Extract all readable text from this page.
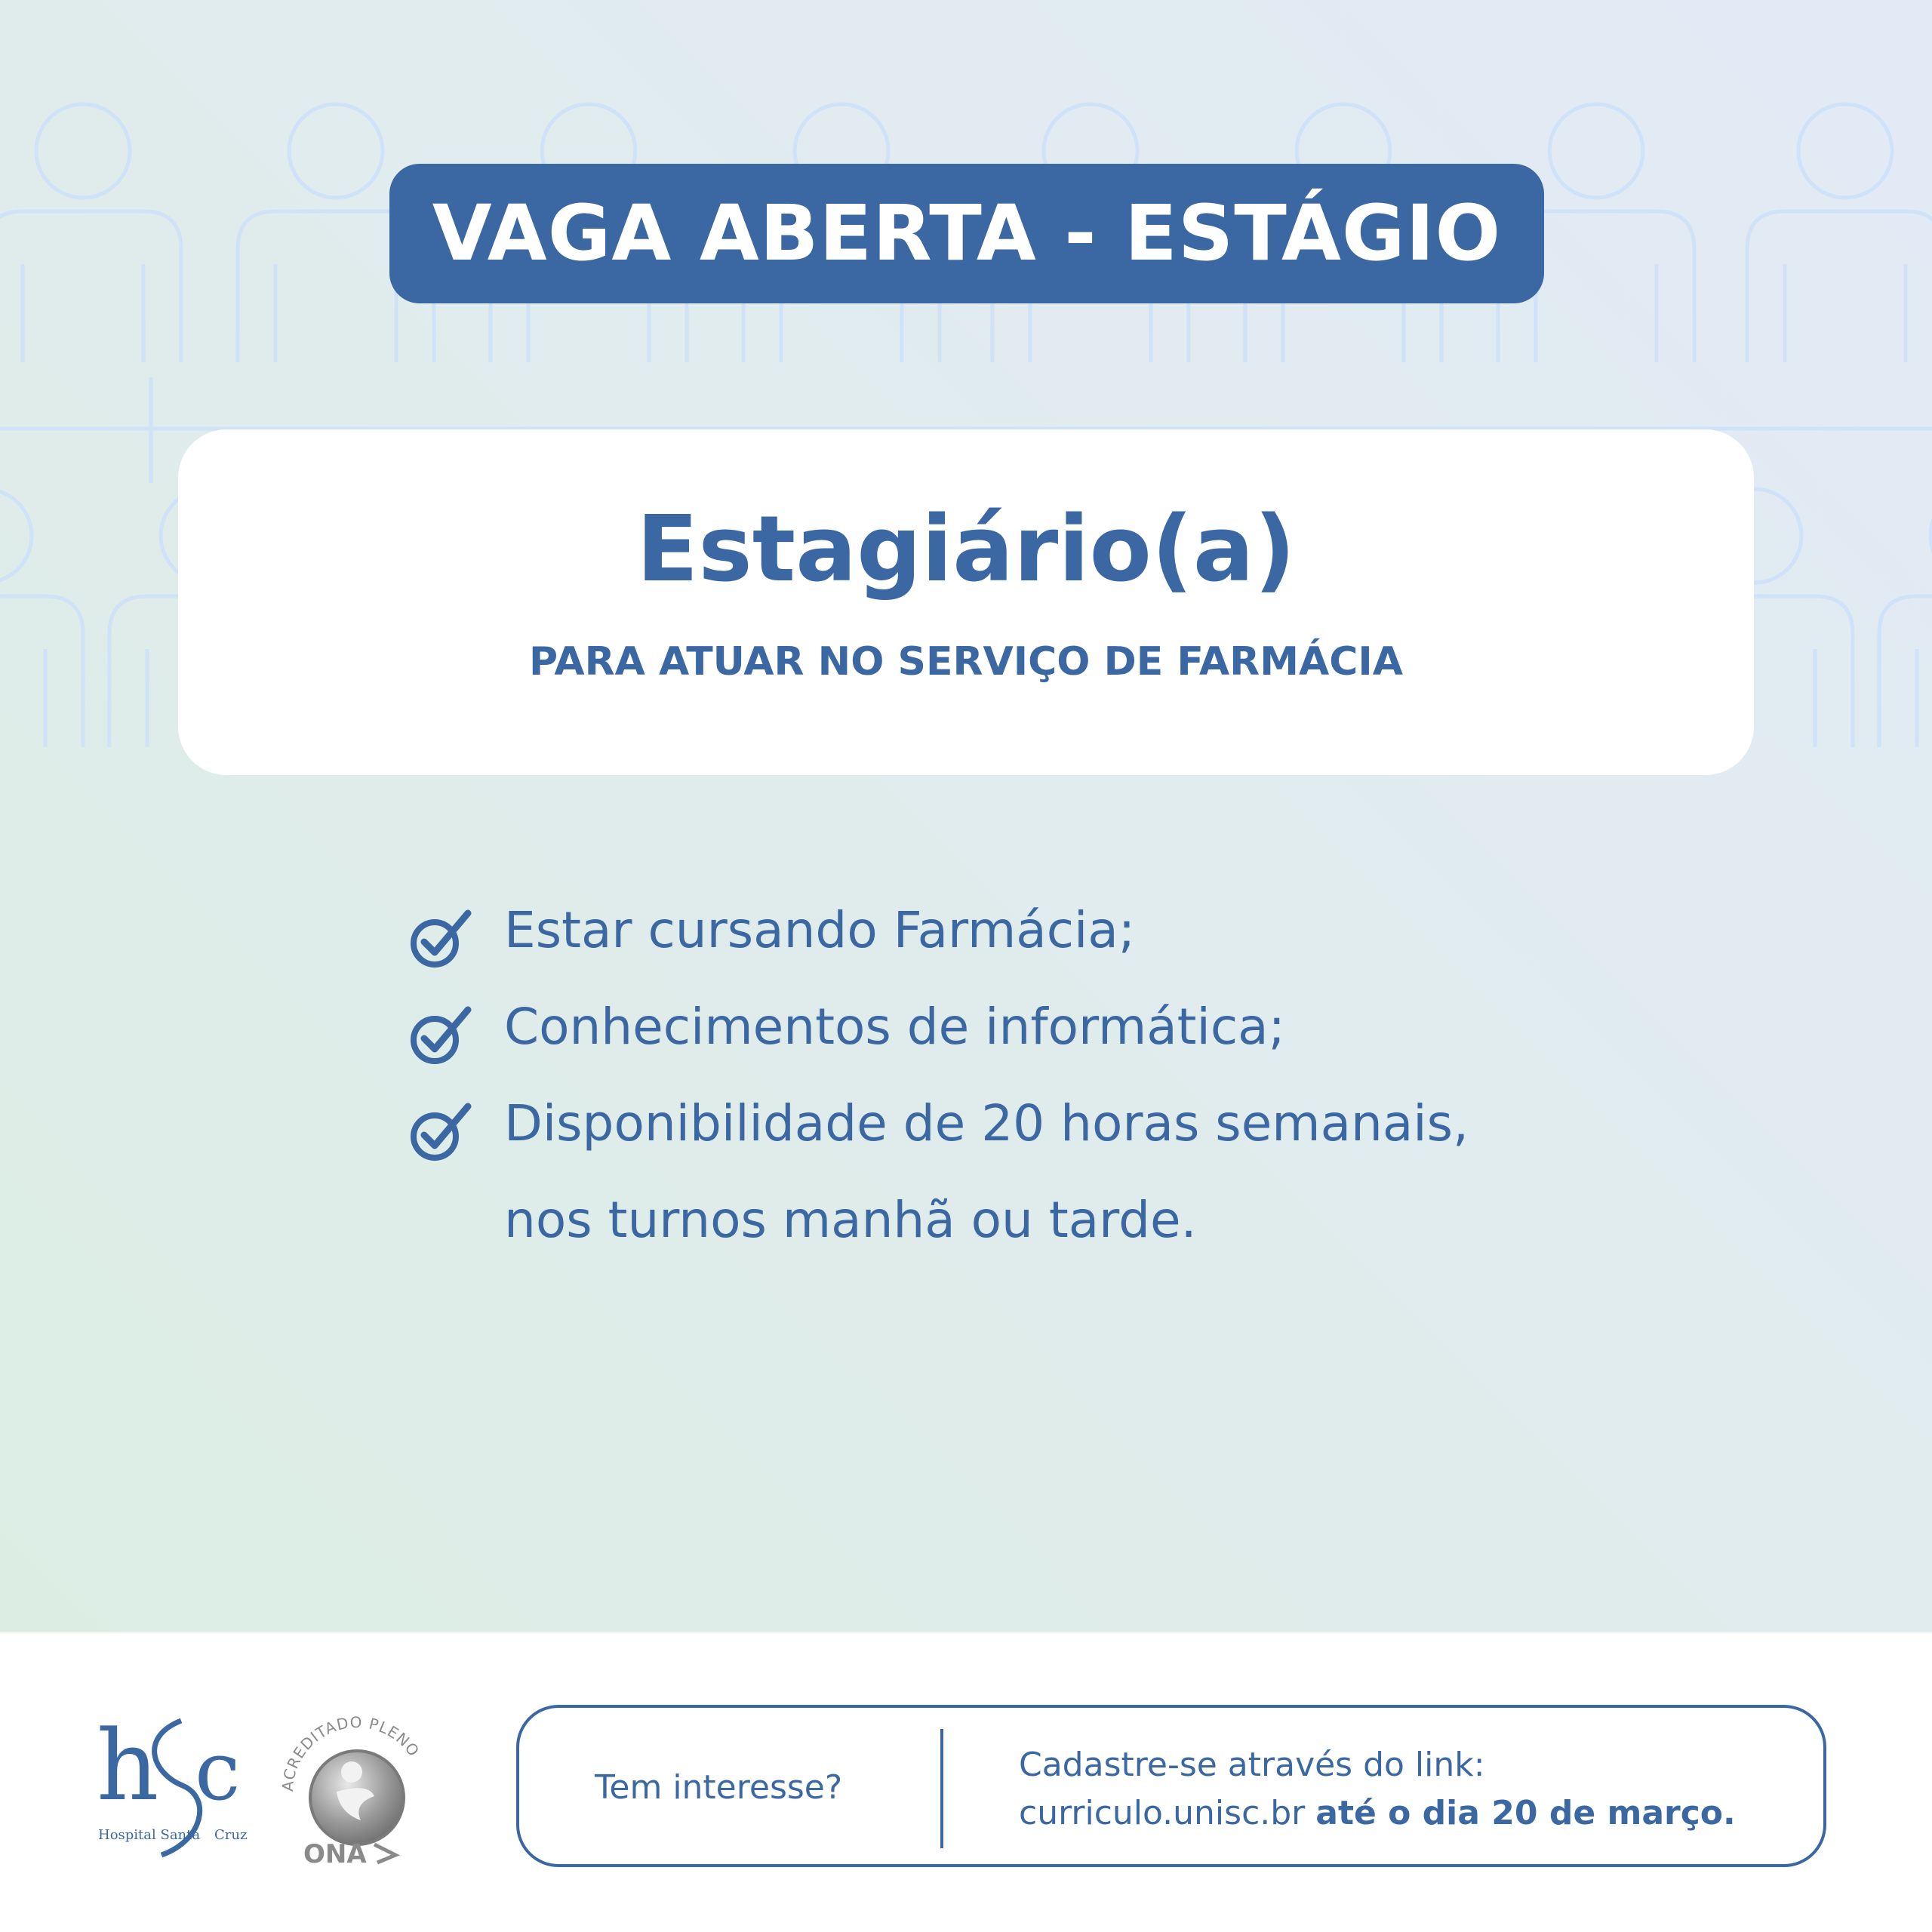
VAGA ABERTA - ESTÁGIO
Estagiário(a)
PARA ATUAR NO SERVIÇO DE FARMÁCIA
Estar cursando Farmácia;
Conhecimentos de informática;
Disponibilidade de 20 horas semanais,
nos turnos manhã ou tarde.
h c
Hospital Santa Cruz
ACREDITADO PLENO
ONA
Tem interesse?
Cadastre-se através do link:
curriculo.unisc.br até o dia 20 de março.
